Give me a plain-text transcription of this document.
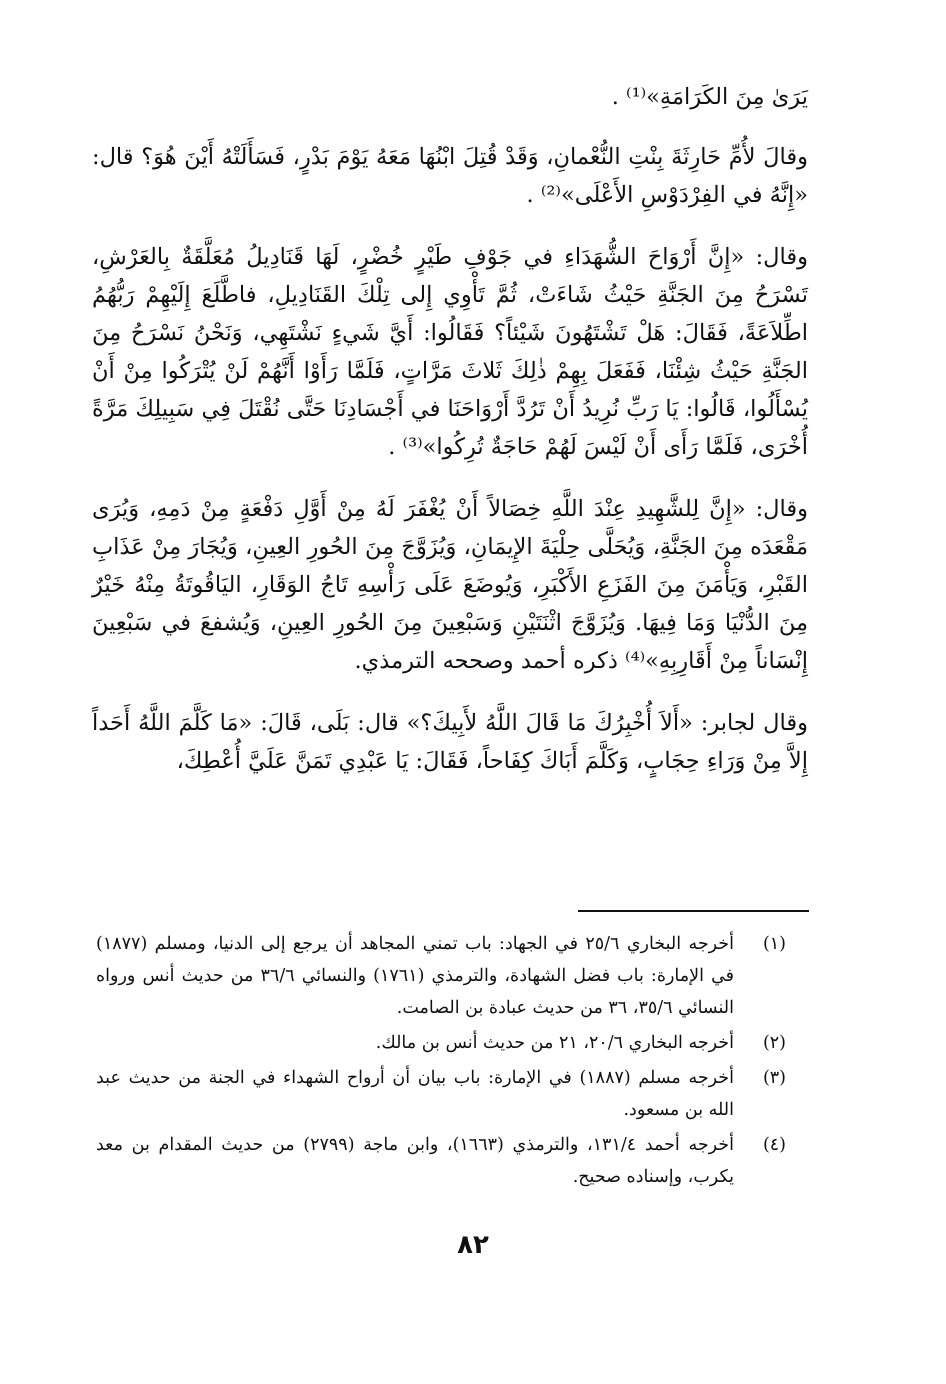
يَرَىٰ مِنَ الكَرَامَةِ»⁽¹⁾ .

وقالَ لأُمِّ حَارِثَةَ بِنْتِ النُّعْمانِ، وَقَدْ قُتِلَ ابْنُهَا مَعَهُ يَوْمَ بَدْرٍ، فَسَأَلَتْهُ أَيْنَ هُوَ؟ قال: «إِنَّهُ في الفِرْدَوْسِ الأَعْلَى»⁽²⁾ .

وقال: «إِنَّ أَرْوَاحَ الشُّهَدَاءِ في جَوْفِ طَيْرٍ خُضْرٍ، لَهَا قَنَادِيلُ مُعَلَّقَةٌ بِالعَرْشِ، تَسْرَحُ مِنَ الجَنَّةِ حَيْثُ شَاءَتْ، ثُمَّ تَأْوِي إِلى تِلْكَ القَنَادِيلِ، فاطَّلَعَ إِلَيْهِمْ رَبُّهُمُ اطِّلاَعَةً، فَقَالَ: هَلْ تَشْتَهُونَ شَيْئاً؟ فَقَالُوا: أَيَّ شَيءٍ نَشْتَهِي، وَنَحْنُ نَسْرَحُ مِنَ الجَنَّةِ حَيْثُ شِئْنَا، فَفَعَلَ بِهِمْ ذٰلِكَ ثَلاثَ مَرَّاتٍ، فَلَمَّا رَأَوْا أَنَّهُمْ لَنْ يُتْرَكُوا مِنْ أَنْ يُسْأَلُوا، قَالُوا: يَا رَبِّ نُرِيدُ أَنْ تَرُدَّ أَرْوَاحَنَا في أَجْسَادِنَا حَتَّى نُقْتَلَ فِي سَبِيلِكَ مَرَّةً أُخْرَى، فَلَمَّا رَأَى أَنْ لَيْسَ لَهُمْ حَاجَةٌ تُرِكُوا»⁽³⁾ .

وقال: «إِنَّ لِلشَّهِيدِ عِنْدَ اللَّهِ خِصَالاً أَنْ يُغْفَرَ لَهُ مِنْ أَوَّلِ دَفْعَةٍ مِنْ دَمِهِ، وَيُرَى مَقْعَدَه مِنَ الجَنَّةِ، وَيُحَلَّى حِلْيَةَ الإِيمَانِ، وَيُزَوَّجَ مِنَ الحُورِ العِينِ، وَيُجَارَ مِنْ عَذَابِ القَبْرِ، وَيَأْمَنَ مِنَ الفَزَعِ الأَكْبَرِ، وَيُوضَعَ عَلَى رَأْسِهِ تَاجُ الوَقَارِ، اليَاقُوتَةُ مِنْهُ خَيْرٌ مِنَ الدُّنْيَا وَمَا فِيهَا. وَيُزَوَّجَ اثْنَتَيْنِ وَسَبْعِينَ مِنَ الحُورِ العِينِ، وَيُشفعَ في سَبْعِينَ إِنْسَاناً مِنْ أَقَارِبِهِ»⁽⁴⁾ ذكره أحمد وصححه الترمذي.

وقال لجابر: «أَلاَ أُخْبِرُكَ مَا قَالَ اللَّهُ لأَبِيكَ؟» قال: بَلَى، قَالَ: «مَا كَلَّمَ اللَّهُ أَحَداً إِلاَّ مِنْ وَرَاءِ حِجَابٍ، وَكَلَّمَ أَبَاكَ كِفَاحاً، فَقَالَ: يَا عَبْدِي تَمَنَّ عَلَيَّ أُعْطِكَ،

(١)
أخرجه البخاري ٢٥/٦ في الجهاد: باب تمني المجاهد أن يرجع إلى الدنيا، ومسلم (١٨٧٧) في الإمارة: باب فضل الشهادة، والترمذي (١٧٦١) والنسائي ٣٦/٦ من حديث أنس ورواه النسائي ٣٥/٦، ٣٦ من حديث عبادة بن الصامت.
(٢)
أخرجه البخاري ٢٠/٦، ٢١ من حديث أنس بن مالك.
(٣)
أخرجه مسلم (١٨٨٧) في الإمارة: باب بيان أن أرواح الشهداء في الجنة من حديث عبد الله بن مسعود.
(٤)
أخرجه أحمد ١٣١/٤، والترمذي (١٦٦٣)، وابن ماجة (٢٧٩٩) من حديث المقدام بن معد يكرب، وإسناده صحيح.
٨٢
